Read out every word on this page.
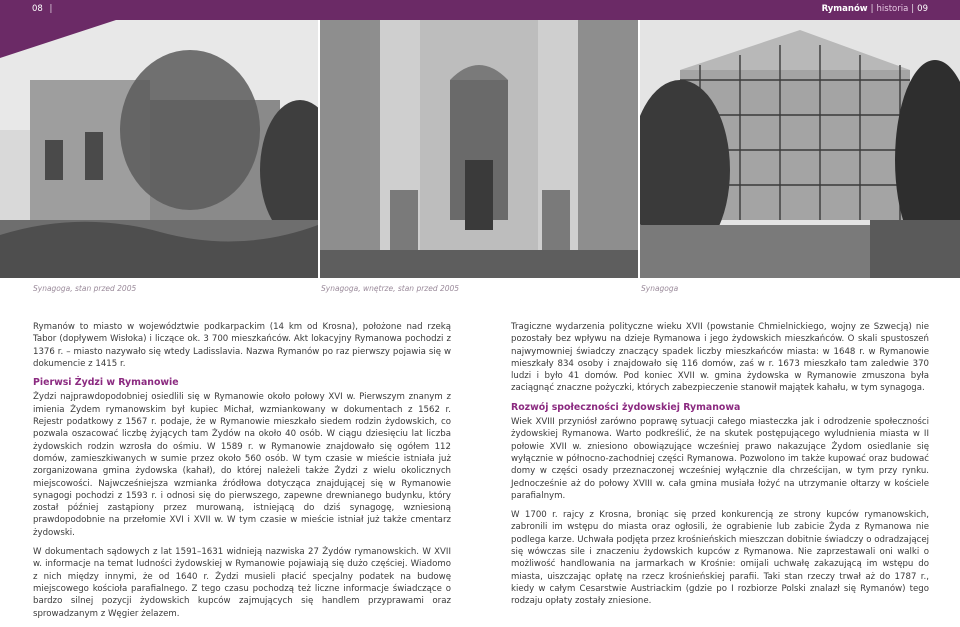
08 |	Rymanów | historia | 09
Synagoga, stan przed 2005	Synagoga, wnętrze, stan przed 2005	Synagoga

Rymanów to miasto w województwie podkarpackim (14 km od Krosna), położone nad rzeką Tabor (dopływem Wisłoka) i liczące ok. 3 700 mieszkańców. Akt lokacyjny Rymanowa pochodzi z 1376 r. – miasto nazywało się wtedy Ladisslavia. Nazwa Rymanów po raz pierwszy pojawia się w dokumencie z 1415 r.

Pierwsi Żydzi w Rymanowie

Żydzi najprawdopodobniej osiedlili się w Rymanowie około połowy XVI w. Pierwszym znanym z imienia Żydem rymanowskim był kupiec Michał, wzmiankowany w dokumentach z 1562 r. Rejestr podatkowy z 1567 r. podaje, że w Rymanowie mieszkało siedem rodzin żydowskich, co pozwala oszacować liczbę żyjących tam Żydów na około 40 osób. W ciągu dziesięciu lat liczba żydowskich rodzin wzrosła do ośmiu. W 1589 r. w Rymanowie znajdowało się ogółem 112 domów, zamieszkiwanych w sumie przez około 560 osób. W tym czasie w mieście istniała już zorganizowana gmina żydowska (kahał), do której należeli także Żydzi z wielu okolicznych miejscowości. Najwcześniejsza wzmianka źródłowa dotycząca znajdującej się w Rymanowie synagogi pochodzi z 1593 r. i odnosi się do pierwszego, zapewne drewnianego budynku, który został później zastąpiony przez murowaną, istniejącą do dziś synagogę, wzniesioną prawdopodobnie na przełomie XVI i XVII w. W tym czasie w mieście istniał już także cmentarz żydowski.

W dokumentach sądowych z lat 1591–1631 widnieją nazwiska 27 Żydów rymanowskich. W XVII w. informacje na temat ludności żydowskiej w Rymanowie pojawiają się dużo częściej. Wiadomo z nich między innymi, że od 1640 r. Żydzi musieli płacić specjalny podatek na budowę miejscowego kościoła parafialnego. Z tego czasu pochodzą też liczne informacje świadczące o bardzo silnej pozycji żydowskich kupców zajmujących się handlem przyprawami oraz sprowadzanym z Węgier żelazem.

Tragiczne wydarzenia polityczne wieku XVII (powstanie Chmielnickiego, wojny ze Szwecją) nie pozostały bez wpływu na dzieje Rymanowa i jego żydowskich mieszkańców. O skali spustoszeń najwymowniej świadczy znaczący spadek liczby mieszkańców miasta: w 1648 r. w Rymanowie mieszkały 834 osoby i znajdowało się 116 domów, zaś w r. 1673 mieszkało tam zaledwie 370 ludzi i było 41 domów. Pod koniec XVII w. gmina żydowska w Rymanowie zmuszona była zaciągnąć znaczne pożyczki, których zabezpieczenie stanowił majątek kahału, w tym synagoga.

Rozwój społeczności żydowskiej Rymanowa

Wiek XVIII przyniósł zarówno poprawę sytuacji całego miasteczka jak i odrodzenie społeczności żydowskiej Rymanowa. Warto podkreślić, że na skutek postępującego wyludnienia miasta w II połowie XVII w. zniesiono obowiązujące wcześniej prawo nakazujące Żydom osiedlanie się wyłącznie w północno-zachodniej części Rymanowa. Pozwolono im także kupować oraz budować domy w części osady przeznaczonej wcześniej wyłącznie dla chrześcijan, w tym przy rynku. Jednocześnie aż do połowy XVIII w. cała gmina musiała łożyć na utrzymanie ołtarzy w kościele parafialnym.

W 1700 r. rajcy z Krosna, broniąc się przed konkurencją ze strony kupców rymanowskich, zabronili im wstępu do miasta oraz ogłosili, że ograbienie lub zabicie Żyda z Rymanowa nie podlega karze. Uchwała podjęta przez krośnieńskich mieszczan dobitnie świadczy o odradzającej się wówczas sile i znaczeniu żydowskich kupców z Rymanowa. Nie zaprzestawali oni walki o możliwość handlowania na jarmarkach w Krośnie: omijali uchwałę zakazującą im wstępu do miasta, uiszczając opłatę na rzecz krośnieńskiej parafii. Taki stan rzeczy trwał aż do 1787 r., kiedy w całym Cesarstwie Austriackim (gdzie po I rozbiorze Polski znalazł się Rymanów) tego rodzaju opłaty zostały zniesione.
